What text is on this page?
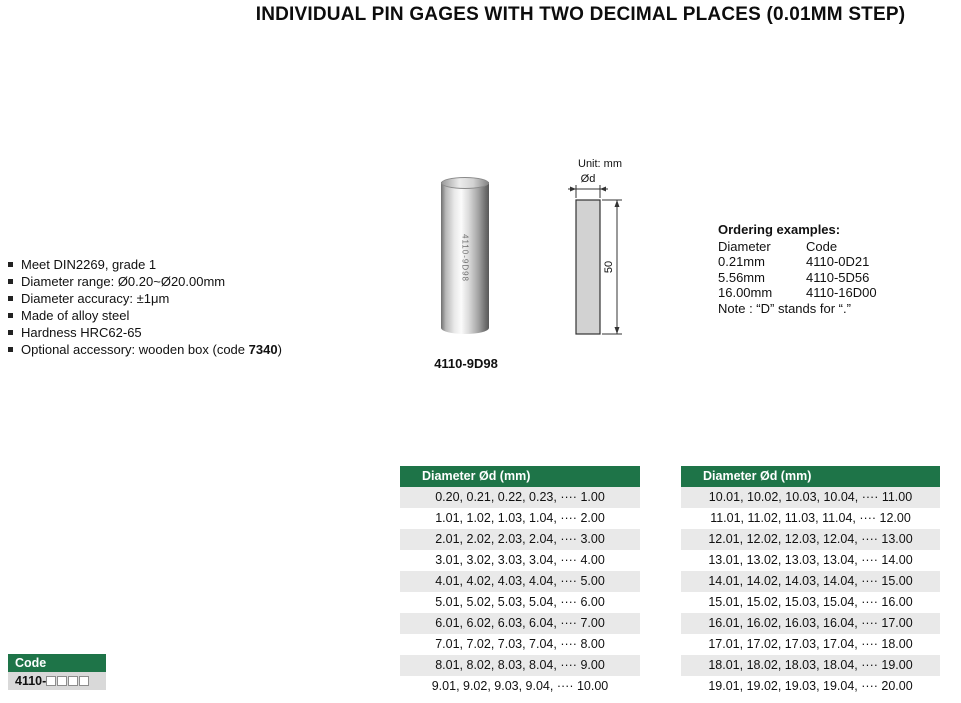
INDIVIDUAL PIN GAGES WITH TWO DECIMAL PLACES (0.01MM STEP)
Meet DIN2269, grade 1
Diameter range: Ø0.20~Ø20.00mm
Diameter accuracy: ±1μm
Made of alloy steel
Hardness HRC62-65
Optional accessory: wooden box (code 7340)
4110-9D98
4110-9D98
Unit: mm
Ød
50
Ordering examples:
Diameter	Code
0.21mm	4110-0D21
5.56mm	4110-5D56
16.00mm	4110-16D00
Note : “D” stands for “.”
Code
4110-
Diameter Ød (mm)
0.20, 0.21, 0.22, 0.23, ···· 1.00
1.01, 1.02, 1.03, 1.04, ···· 2.00
2.01, 2.02, 2.03, 2.04, ···· 3.00
3.01, 3.02, 3.03, 3.04, ···· 4.00
4.01, 4.02, 4.03, 4.04, ···· 5.00
5.01, 5.02, 5.03, 5.04, ···· 6.00
6.01, 6.02, 6.03, 6.04, ···· 7.00
7.01, 7.02, 7.03, 7.04, ···· 8.00
8.01, 8.02, 8.03, 8.04, ···· 9.00
9.01, 9.02, 9.03, 9.04, ···· 10.00
Diameter Ød (mm)
10.01, 10.02, 10.03, 10.04, ···· 11.00
11.01, 11.02, 11.03, 11.04, ···· 12.00
12.01, 12.02, 12.03, 12.04, ···· 13.00
13.01, 13.02, 13.03, 13.04, ···· 14.00
14.01, 14.02, 14.03, 14.04, ···· 15.00
15.01, 15.02, 15.03, 15.04, ···· 16.00
16.01, 16.02, 16.03, 16.04, ···· 17.00
17.01, 17.02, 17.03, 17.04, ···· 18.00
18.01, 18.02, 18.03, 18.04, ···· 19.00
19.01, 19.02, 19.03, 19.04, ···· 20.00
